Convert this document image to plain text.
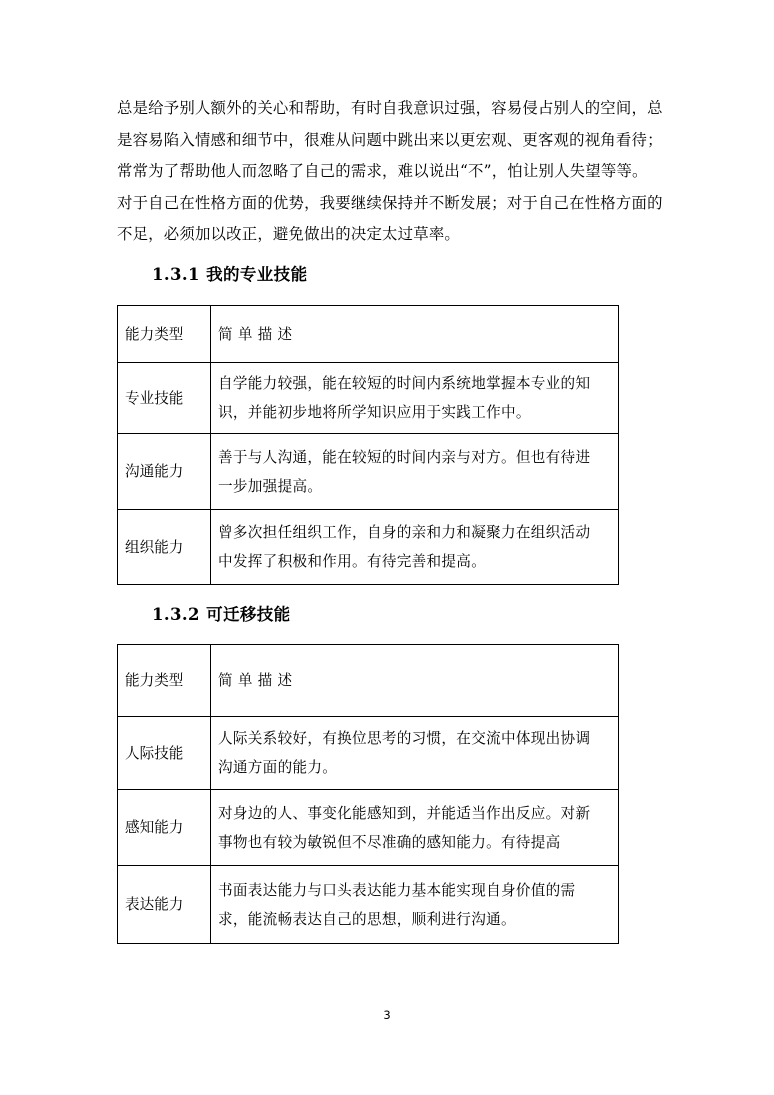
总是给予别人额外的关心和帮助，有时自我意识过强，容易侵占别人的空间，总
是容易陷入情感和细节中，很难从问题中跳出来以更宏观、更客观的视角看待；
常常为了帮助他人而忽略了自己的需求，难以说出“不”，怕让别人失望等等。
对于自己在性格方面的优势，我要继续保持并不断发展；对于自己在性格方面的
不足，必须加以改正，避免做出的决定太过草率。

1.3.1 我的专业技能
能力类型	简 单 描 述
专业技能	自学能力较强，能在较短的时间内系统地掌握本专业的知
识，并能初步地将所学知识应用于实践工作中。

沟通能力	善于与人沟通，能在较短的时间内亲与对方。但也有待进
一步加强提高。

组织能力	曾多次担任组织工作，自身的亲和力和凝聚力在组织活动
中发挥了积极和作用。有待完善和提高。
1.3.2 可迁移技能
能力类型	简 单 描 述
人际技能	人际关系较好，有换位思考的习惯，在交流中体现出协调
沟通方面的能力。

感知能力	对身边的人、事变化能感知到，并能适当作出反应。对新
事物也有较为敏锐但不尽准确的感知能力。有待提高

表达能力	书面表达能力与口头表达能力基本能实现自身价值的需
求，能流畅表达自己的思想，顺利进行沟通。
3
